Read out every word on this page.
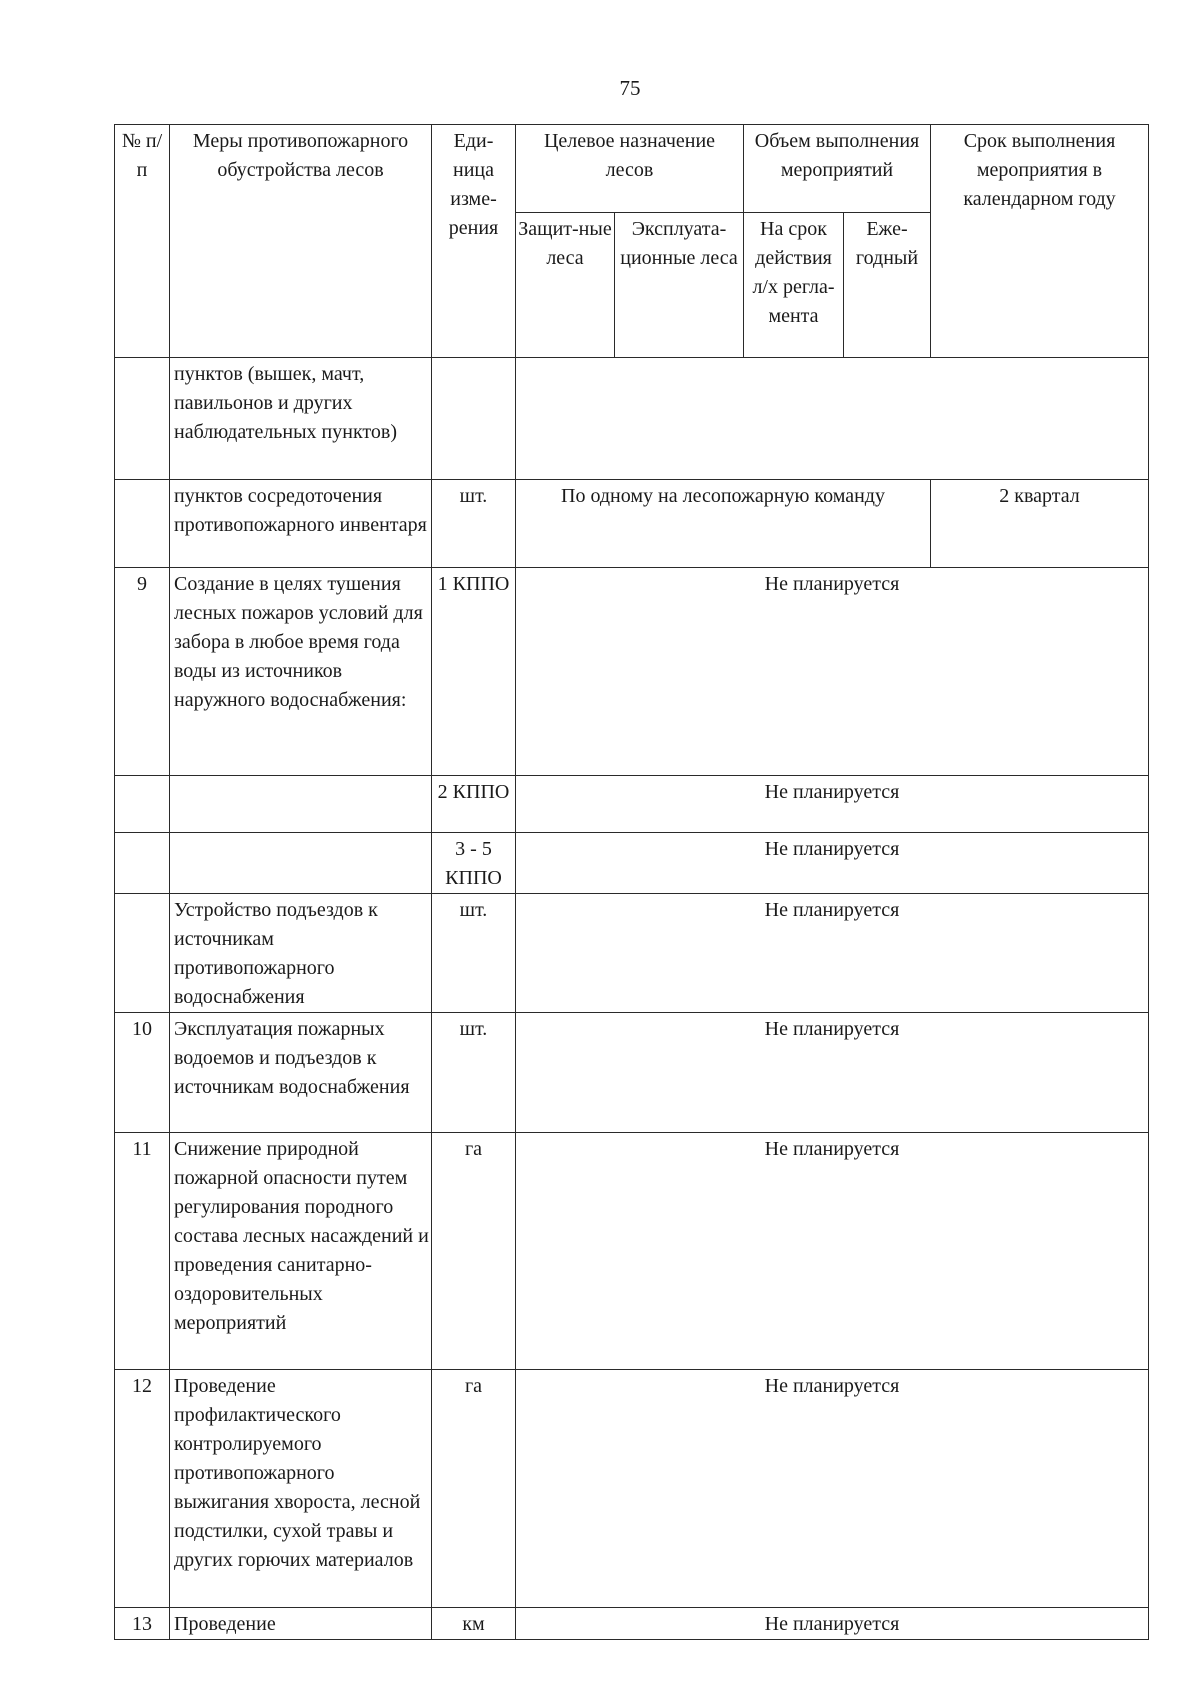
75
№ п/п	Меры противопожарного обустройства лесов	Еди-ница изме-рения	Целевое назначение лесов		Объем выполнения мероприятий		Срок выполнения мероприятия в календарном году
			Защит-ные леса	Эксплуата-ционные леса	На срок действия л/х регла-мента	Еже-годный	
	пунктов (вышек, мачт, павильонов и других наблюдательных пунктов)						
	пунктов сосредоточения противопожарного инвентаря	шт.	По одному на лесопожарную команду				2 квартал
9	Создание в целях тушения лесных пожаров условий для забора в любое время года воды из источников наружного водоснабжения:	1 КППО	Не планируется				
		2 КППО	Не планируется				
		3 - 5 КППО	Не планируется				
	Устройство подъездов к источникам противопожарного водоснабжения	шт.	Не планируется				
10	Эксплуатация пожарных водоемов и подъездов к источникам водоснабжения	шт.	Не планируется				
11	Снижение природной пожарной опасности путем регулирования породного состава лесных насаждений и проведения санитарно-оздоровительных мероприятий	га	Не планируется				
12	Проведение профилактического контролируемого противопожарного выжигания хвороста, лесной подстилки, сухой травы и других горючих материалов	га	Не планируется				
13	Проведение	км	Не планируется				
